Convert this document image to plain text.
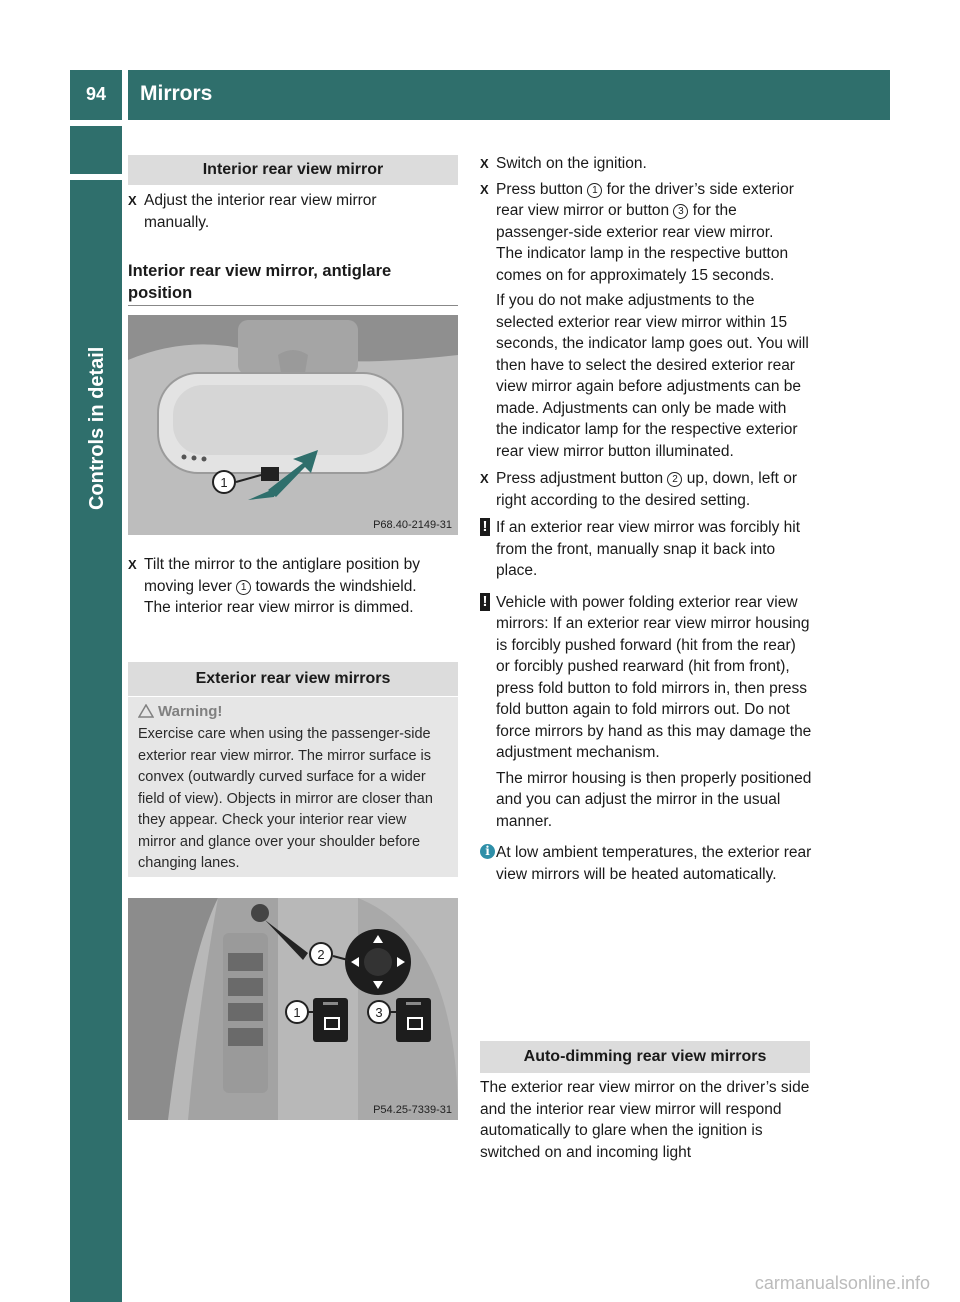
94	Mirrors
Controls in detail
Interior rear view mirror
X Adjust the interior rear view mirror manually.
Interior rear view mirror, antiglare position
1
P68.40-2149-31
X Tilt the mirror to the antiglare position by moving lever 1 towards the windshield.
The interior rear view mirror is dimmed.
Exterior rear view mirrors
Warning!
Exercise care when using the passenger-side exterior rear view mirror. The mirror surface is convex (outwardly curved surface for a wider field of view). Objects in mirror are closer than they appear. Check your interior rear view mirror and glance over your shoulder before changing lanes.
2
1	3
P54.25-7339-31
X Switch on the ignition.
X Press button 1 for the driver’s side exterior rear view mirror or button 3 for the passenger-side exterior rear view mirror.
The indicator lamp in the respective button comes on for approximately 15 seconds.
If you do not make adjustments to the selected exterior rear view mirror within 15 seconds, the indicator lamp goes out. You will then have to select the desired exterior rear view mirror again before adjustments can be made. Adjustments can only be made with the indicator lamp for the respective exterior rear view mirror button illuminated.
X Press adjustment button 2 up, down, left or right according to the desired setting.
! If an exterior rear view mirror was forcibly hit from the front, manually snap it back into place.
! Vehicle with power folding exterior rear view mirrors: If an exterior rear view mirror housing is forcibly pushed forward (hit from the rear) or forcibly pushed rearward (hit from front), press fold button to fold mirrors in, then press fold button again to fold mirrors out. Do not force mirrors by hand as this may damage the adjustment mechanism.
The mirror housing is then properly positioned and you can adjust the mirror in the usual manner.
i At low ambient temperatures, the exterior rear view mirrors will be heated automatically.
Auto-dimming rear view mirrors
The exterior rear view mirror on the driver’s side and the interior rear view mirror will respond automatically to glare when the ignition is switched on and incoming light
carmanualsonline.info
